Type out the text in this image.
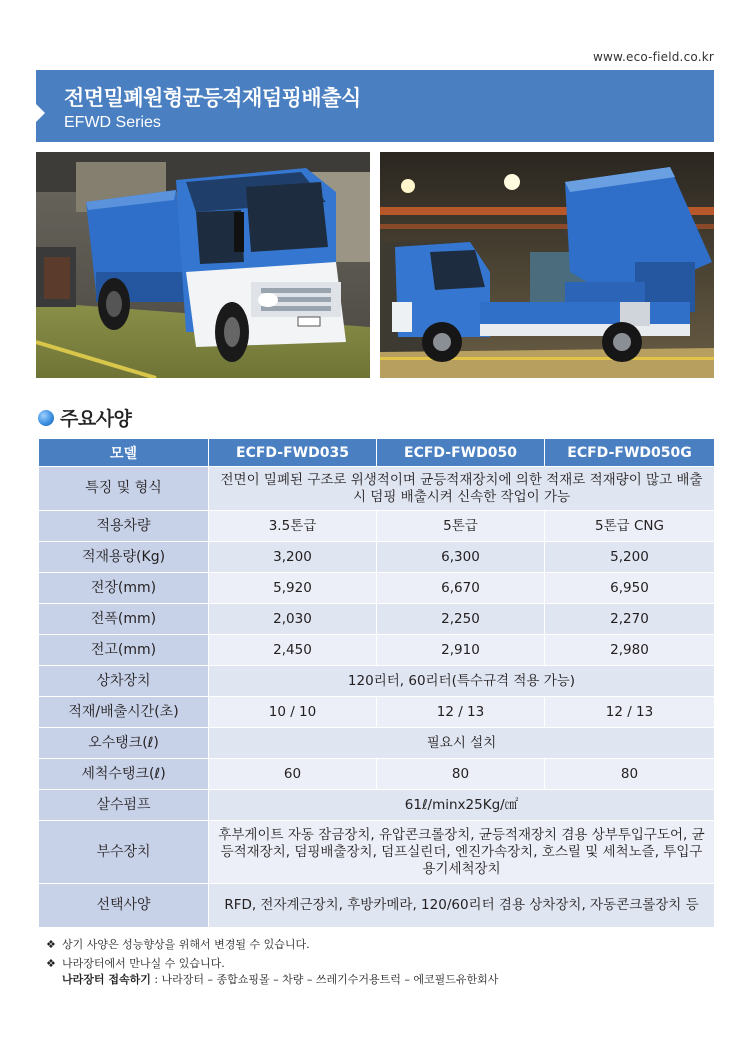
www.eco-field.co.kr
전면밀폐원형균등적재덤핑배출식
EFWD Series
주요사양
모델	ECFD-FWD035	ECFD-FWD050	ECFD-FWD050G
특징 및 형식	전면이 밀폐된 구조로 위생적이며 균등적재장치에 의한 적재로 적재량이 많고 배출시 덤핑 배출시켜 신속한 작업이 가능		
적용차량	3.5톤급	5톤급	5톤급 CNG
적재용량(Kg)	3,200	6,300	5,200
전장(mm)	5,920	6,670	6,950
전폭(mm)	2,030	2,250	2,270
전고(mm)	2,450	2,910	2,980
상차장치	120리터, 60리터(특수규격 적용 가능)		
적재/배출시간(초)	10 / 10	12 / 13	12 / 13
오수탱크(ℓ)	필요시 설치		
세척수탱크(ℓ)	60	80	80
살수펌프	61ℓ/minx25Kg/㎠		
부수장치	후부게이트 자동 잠금장치, 유압콘크롤장치, 균등적재장치 겸용 상부투입구도어, 균등적재장치, 덤핑배출장치, 덤프실린더, 엔진가속장치, 호스릴 및 세척노즐, 투입구 용기세척장치		
선택사양	RFD, 전자계근장치, 후방카메라, 120/60리터 겸용 상차장치, 자동콘크롤장치 등		
❖ 상기 사양은 성능향상을 위해서 변경될 수 있습니다.
❖ 나라장터에서 만나실 수 있습니다.
나라장터 접속하기 : 나라장터 – 종합쇼핑몰 – 차량 – 쓰레기수거용트럭 – 에코필드유한회사
